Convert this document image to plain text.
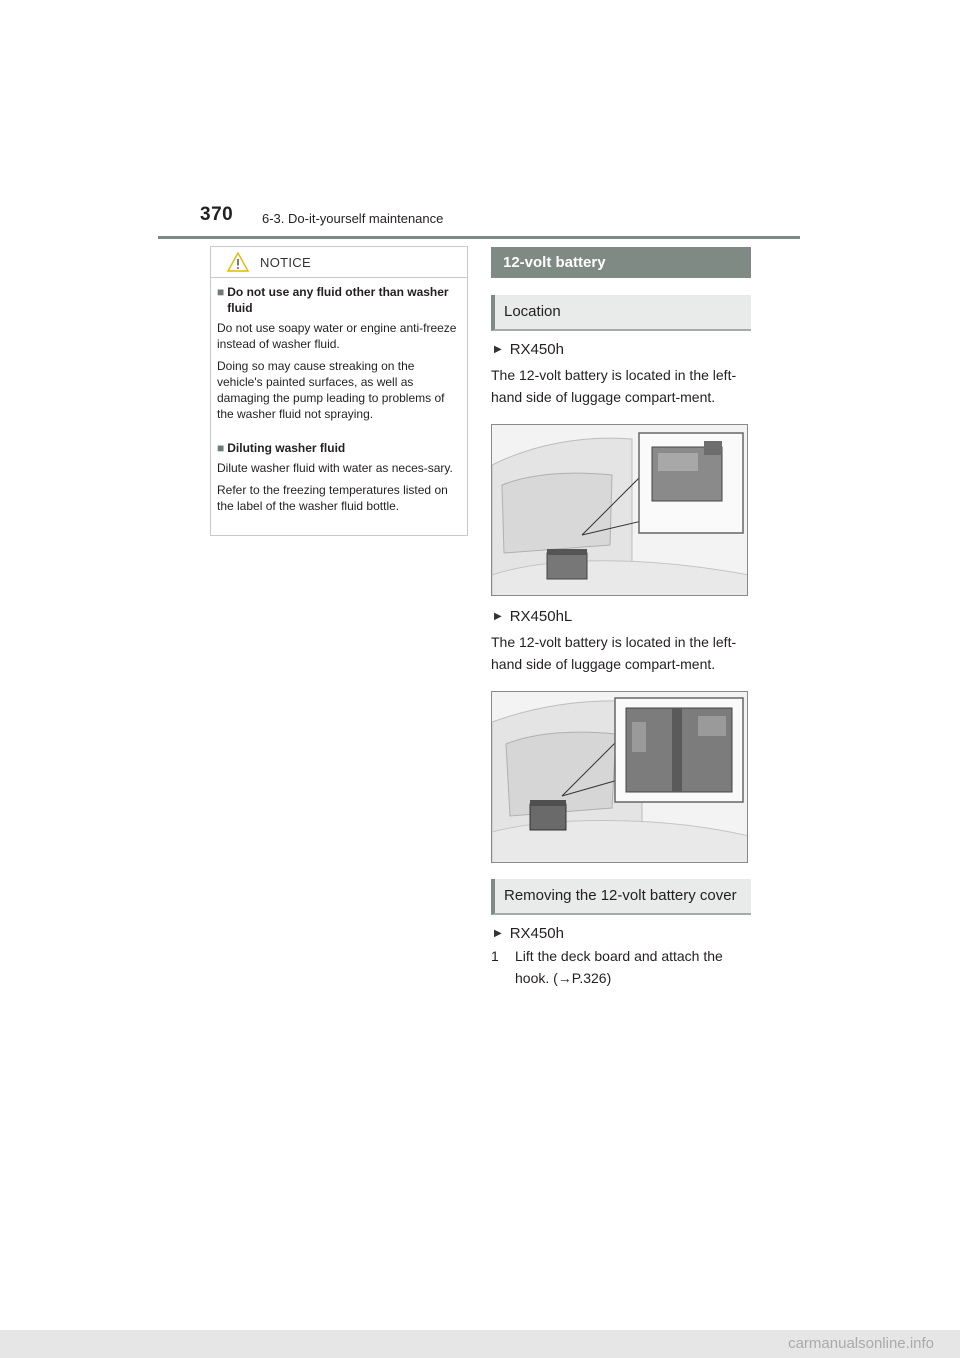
370 6-3. Do-it-yourself maintenance
NOTICE
■ Do not use any fluid other than washer fluid

Do not use soapy water or engine anti-freeze instead of washer fluid.

Doing so may cause streaking on the vehicle's painted surfaces, as well as damaging the pump leading to problems of the washer fluid not spraying.

■ Diluting washer fluid

Dilute washer fluid with water as neces-sary.

Refer to the freezing temperatures listed on the label of the washer fluid bottle.

12-volt battery
Location
▶ RX450h

The 12-volt battery is located in the left-hand side of luggage compart-ment.

▶ RX450hL

The 12-volt battery is located in the left-hand side of luggage compart-ment.

Removing the 12-volt battery cover
▶ RX450h
1	Lift the deck board and attach the hook. (→P.326)
carmanualsonline.info
